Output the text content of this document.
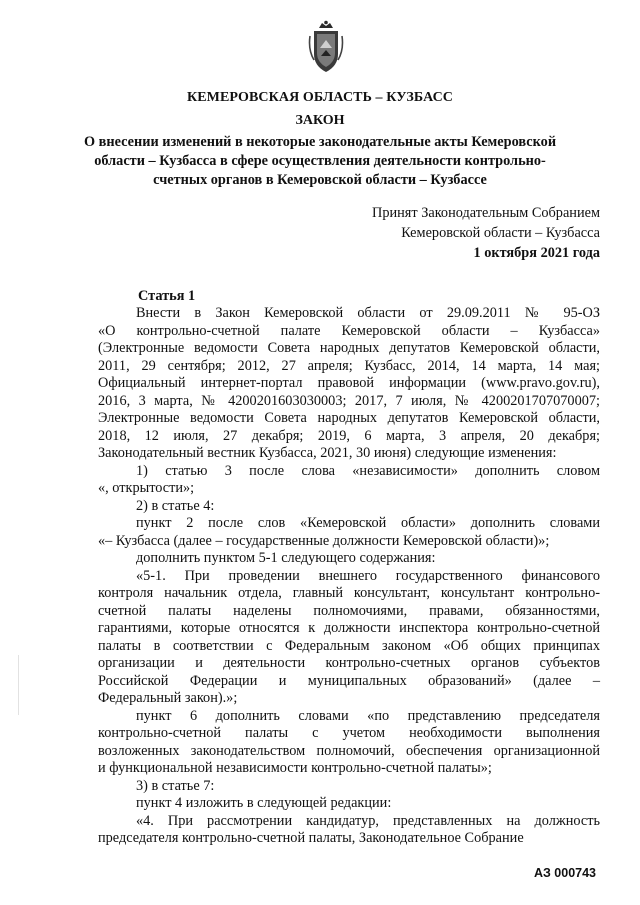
КЕМЕРОВСКАЯ ОБЛАСТЬ – КУЗБАСС
ЗАКОН
О внесении изменений в некоторые законодательные акты Кемеровской
области – Кузбасса в сфере осуществления деятельности контрольно-
счетных органов в Кемеровской области – Кузбассе
Принят Законодательным Собранием
Кемеровской области – Кузбасса
1 октября 2021 года
Статья 1
Внести в Закон Кемеровской области от 29.09.2011 № 95-ОЗ
«О контрольно-счетной палате Кемеровской области – Кузбасса»
(Электронные ведомости Совета народных депутатов Кемеровской области,
2011, 29 сентября; 2012, 27 апреля; Кузбасс, 2014, 14 марта, 14 мая;
Официальный интернет-портал правовой информации (www.pravo.gov.ru),
2016, 3 марта, № 4200201603030003; 2017, 7 июля, № 4200201707070007;
Электронные ведомости Совета народных депутатов Кемеровской области,
2018, 12 июля, 27 декабря; 2019, 6 марта, 3 апреля, 20 декабря;
Законодательный вестник Кузбасса, 2021, 30 июня) следующие изменения:
1) статью 3 после слова «независимости» дополнить словом
«, открытости»;
2) в статье 4:
пункт 2 после слов «Кемеровской области» дополнить словами
«– Кузбасса (далее – государственные должности Кемеровской области)»;
дополнить пунктом 5-1 следующего содержания:
«5-1. При проведении внешнего государственного финансового
контроля начальник отдела, главный консультант, консультант контрольно-
счетной палаты наделены полномочиями, правами, обязанностями,
гарантиями, которые относятся к должности инспектора контрольно-счетной
палаты в соответствии с Федеральным законом «Об общих принципах
организации и деятельности контрольно-счетных органов субъектов
Российской Федерации и муниципальных образований» (далее –
Федеральный закон).»;
пункт 6 дополнить словами «по представлению председателя
контрольно-счетной палаты с учетом необходимости выполнения
возложенных законодательством полномочий, обеспечения организационной
и функциональной независимости контрольно-счетной палаты»;
3) в статье 7:
пункт 4 изложить в следующей редакции:
«4. При рассмотрении кандидатур, представленных на должность
председателя контрольно-счетной палаты, Законодательное Собрание
АЗ 000743
